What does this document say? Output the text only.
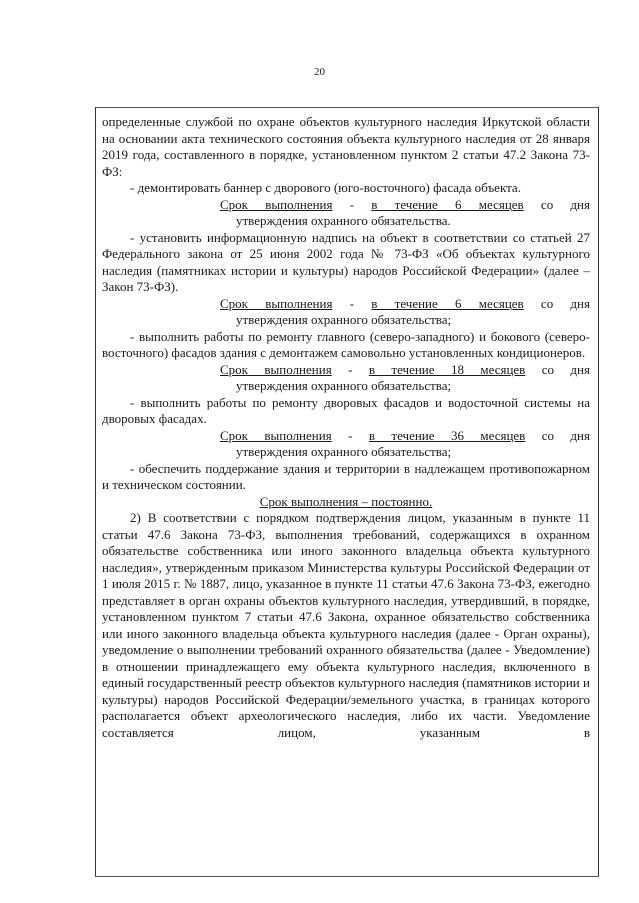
20

определенные службой по охране объектов культурного наследия Иркутской области на основании акта технического состояния объекта культурного наследия от 28 января 2019 года, составленного в порядке, установленном пунктом 2 статьи 47.2 Закона 73-ФЗ:

- демонтировать баннер с дворового (юго-восточного) фасада объекта.

Срок выполнения - в течение 6 месяцев со дня

утверждения охранного обязательства.

- установить информационную надпись на объект в соответствии со статьей 27 Федерального закона от 25 июня 2002 года № 73-ФЗ «Об объектах культурного наследия (памятниках истории и культуры) народов Российской Федерации» (далее – Закон 73-ФЗ).

Срок выполнения - в течение 6 месяцев со дня

утверждения охранного обязательства;

- выполнить работы по ремонту главного (северо-западного) и бокового (северо-восточного) фасадов здания с демонтажем самовольно установленных кондиционеров.

Срок выполнения - в течение 18 месяцев со дня

утверждения охранного обязательства;

- выполнить работы по ремонту дворовых фасадов и водосточной системы на дворовых фасадах.

Срок выполнения - в течение 36 месяцев со дня

утверждения охранного обязательства;

- обеспечить поддержание здания и территории в надлежащем противопожарном и техническом состоянии.

Срок выполнения – постоянно.

2) В соответствии с порядком подтверждения лицом, указанным в пункте 11 статьи 47.6 Закона 73-ФЗ, выполнения требований, содержащихся в охранном обязательстве собственника или иного законного владельца объекта культурного наследия», утвержденным приказом Министерства культуры Российской Федерации от 1 июля 2015 г. № 1887, лицо, указанное в пункте 11 статьи 47.6 Закона 73-ФЗ, ежегодно представляет в орган охраны объектов культурного наследия, утвердивший, в порядке, установленном пунктом 7 статьи 47.6 Закона, охранное обязательство собственника или иного законного владельца объекта культурного наследия (далее - Орган охраны), уведомление о выполнении требований охранного обязательства (далее - Уведомление) в отношении принадлежащего ему объекта культурного наследия, включенного в единый государственный реестр объектов культурного наследия (памятников истории и культуры) народов Российской Федерации/земельного участка, в границах которого располагается объект археологического наследия, либо их части. Уведомление составляется лицом, указанным в
